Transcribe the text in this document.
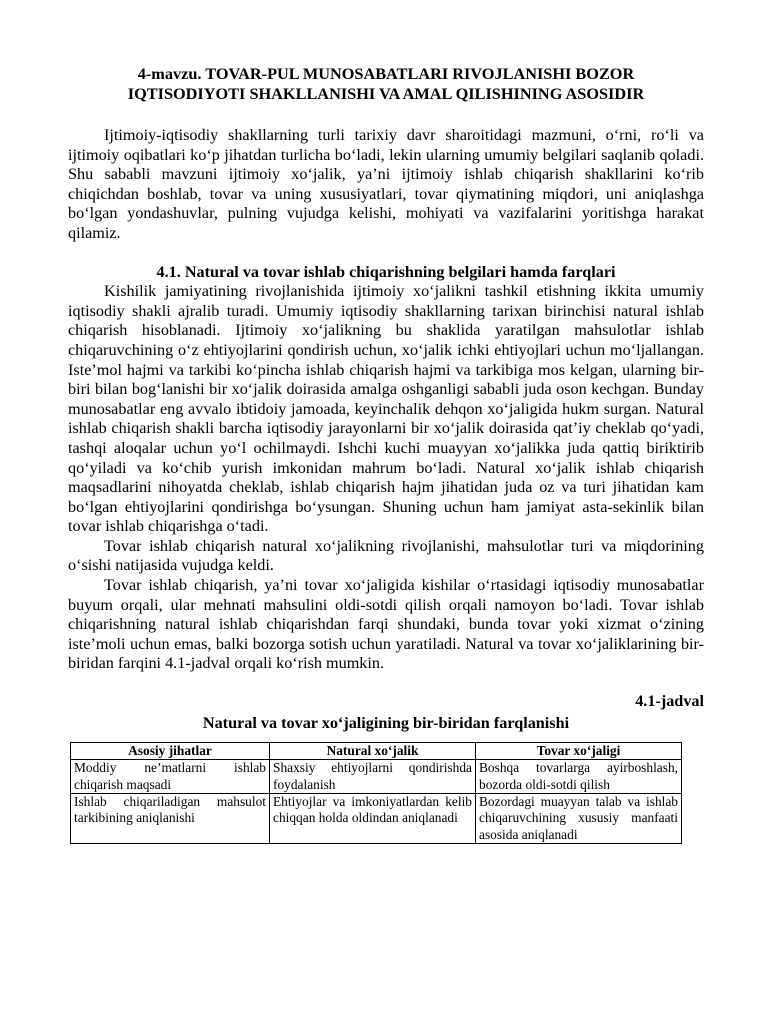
4-mavzu. TOVAR-PUL MUNOSABATLARI RIVOJLANISHI BOZOR
IQTISODIYOTI SHAKLLANISHI VA AMAL QILISHINING ASOSIDIR

Ijtimoiy-iqtisodiy shakllarning turli tarixiy davr sharoitidagi mazmuni, oʻrni, roʻli va ijtimoiy oqibatlari koʻp jihatdan turlicha boʻladi, lekin ularning umumiy belgilari saqlanib qoladi. Shu sababli mavzuni ijtimoiy xoʻjalik, ya’ni ijtimoiy ishlab chiqarish shakllarini koʻrib chiqichdan boshlab, tovar va uning xususiyatlari, tovar qiymatining miqdori, uni aniqlashga boʻlgan yondashuvlar, pulning vujudga kelishi, mohiyati va vazifalarini yoritishga harakat qilamiz.

4.1. Natural va tovar ishlab chiqarishning belgilari hamda farqlari

Kishilik jamiyatining rivojlanishida ijtimoiy xoʻjalikni tashkil etishning ikkita umumiy iqtisodiy shakli ajralib turadi. Umumiy iqtisodiy shakllarning tarixan birinchisi natural ishlab chiqarish hisoblanadi. Ijtimoiy xoʻjalikning bu shaklida yaratilgan mahsulotlar ishlab chiqaruvchining oʻz ehtiyojlarini qondirish uchun, xoʻjalik ichki ehtiyojlari uchun moʻljallangan. Iste’mol hajmi va tarkibi koʻpincha ishlab chiqarish hajmi va tarkibiga mos kelgan, ularning bir-biri bilan bogʻlanishi bir xoʻjalik doirasida amalga oshganligi sababli juda oson kechgan. Bunday munosabatlar eng avvalo ibtidoiy jamoada, keyinchalik dehqon xoʻjaligida hukm surgan. Natural ishlab chiqarish shakli barcha iqtisodiy jarayonlarni bir xoʻjalik doirasida qat’iy cheklab qoʻyadi, tashqi aloqalar uchun yoʻl ochilmaydi. Ishchi kuchi muayyan xoʻjalikka juda qattiq biriktirib qoʻyiladi va koʻchib yurish imkonidan mahrum boʻladi. Natural xoʻjalik ishlab chiqarish maqsadlarini nihoyatda cheklab, ishlab chiqarish hajm jihatidan juda oz va turi jihatidan kam boʻlgan ehtiyojlarini qondirishga boʻysungan. Shuning uchun ham jamiyat asta-sekinlik bilan tovar ishlab chiqarishga oʻtadi.

Tovar ishlab chiqarish natural xoʻjalikning rivojlanishi, mahsulotlar turi va miqdorining oʻsishi natijasida vujudga keldi.

Tovar ishlab chiqarish, ya’ni tovar xoʻjaligida kishilar oʻrtasidagi iqtisodiy munosabatlar buyum orqali, ular mehnati mahsulini oldi-sotdi qilish orqali namoyon boʻladi. Tovar ishlab chiqarishning natural ishlab chiqarishdan farqi shundaki, bunda tovar yoki xizmat oʻzining iste’moli uchun emas, balki bozorga sotish uchun yaratiladi. Natural va tovar xoʻjaliklarining bir-biridan farqini 4.1-jadval orqali koʻrish mumkin.

4.1-jadval

Natural va tovar xoʻjaligining bir-biridan farqlanishi

Asosiy jihatlar	Natural xoʻjalik	Tovar xoʻjaligi
Moddiy ne’matlarni ishlab chiqarish maqsadi	Shaxsiy ehtiyojlarni qondirishda foydalanish	Boshqa tovarlarga ayirboshlash, bozorda oldi-sotdi qilish
Ishlab chiqariladigan mahsulot tarkibining aniqlanishi	Ehtiyojlar va imkoniyatlardan kelib chiqqan holda oldindan aniqlanadi	Bozordagi muayyan talab va ishlab chiqaruvchining xususiy manfaati asosida aniqlanadi
